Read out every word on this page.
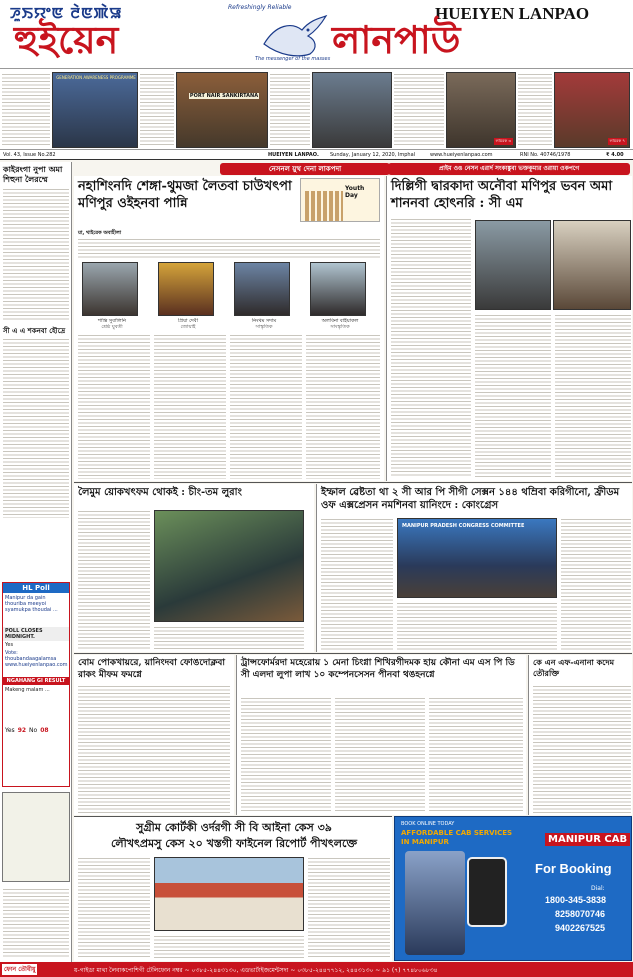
ꯍꯨꯏꯌꯦꯟ ꯂꯥꯟꯄꯥꯎ	Refreshingly Reliable	HUEIYEN LANPAO
হুইয়েন	The messenger of the masses লানপাউ
GENERATION AWARENESS PROGRAMME
PORT NAIR SANKIRTANA
লায়রক ৩	লায়রক ৭
Vol. 43, Issue No.282	HUEIYEN LANPAO. Sunday, January 12, 2020, Imphal	www.hueiyenlanpao.com	RNI No. 40746/1978	₹ 4.00
কাইরংগা নুপা অমা শিহুনা লৈরম্মে
সী এ এ শকনবা হৌদ্রে
HL Poll
Manipur da gain thouriba meeyoi syamukpa thoudai ...
POLL CLOSES MIDNIGHT.
Yes
Vote: thoubandaagalamsa www.hueiyenlanpao.com
NGAHANG GI RESULT
Makeng malam ...
Yes 92 No 08
নেসনল য়ুথ দেনা লাকপদা	প্রাইম ওঙ নেসন এরার্দ সংকাঙ্কুবা ভক্তকুমার ওরায়া ওকপগে
নহাশিংনদি শেঙ্গা-থুমজা লৈতবা চাউখৎপা মণিপুর ওইহনবা পান্নি
Youth Day
য়া, থাইরেক অবাহীলা
শান্তি সুবালিনি	প্রিয়া দেবী	নিংথম সদাম	অলবিনা বাইয়াকল
শ্রেষ্ঠ যুবতী	জোয়াই	সাস্কৃতিক	সাংস্কৃতিক
দিল্লিগী দ্বারকাদা অনৌবা মণিপুর ভবন অমা শাননবা হোৎনরি : সী এম
লৈমুম য়োকখৎফম থোকই : চীং-তম লুরাং	ইম্ফাল ৱেষ্টতা থা ২ সী আর পি সীগী সেক্সন ১৪৪ থম্রিবা করিগীনো, ফ্রীডম ওফ এক্সপ্রেসন নমশিনবা য়ানিংদে : কোংগ্রেস
MANIPUR PRADESH CONGRESS COMMITTEE
বোম পোকখায়রে, য়ানিংদবা ফোঙদোক্লবা রাকং মীফম ফমগ্নে
ট্রান্সফোর্মরদা মহেরোয় ১ মেনা চিংগ্না শিখিরগীদমক হায় কৌনা এম এস পি ডি সী এলদা লুপা লাখ ১০ কম্পেনসেসন পীনবা থঙহনগ্নে
কে এন এফ-এনানা কদেম তৌরক্তি
সুগ্রীম কোর্টকী ওর্দরগী সী বি আইনা কেস ৩৯
লৌখৎপ্রমসু কেস ২০ খস্তগী ফাইনেল রিপোর্ট পীখৎলক্তে
BOOK ONLINE TODAY
AFFORDABLE CAB SERVICES IN MANIPUR	MANIPUR CAB
For Booking
Dial:
1800-345-3838
8258070746
9402267525
ফোন তৌবীয়ু	য়-গাইডা মাথা লৈবাকপোশিগী টেলিফোন নম্বর ~ ০৩৮৫-২৪৪৩১৩০, এডভার্টাইজমেন্টসদা ~ ০৩৮৫-২৪৪৭৭১২, ২৪৪৩১৩০ ~ ৯১ (৭) ৭৭৪৮০৬৮৩৪
